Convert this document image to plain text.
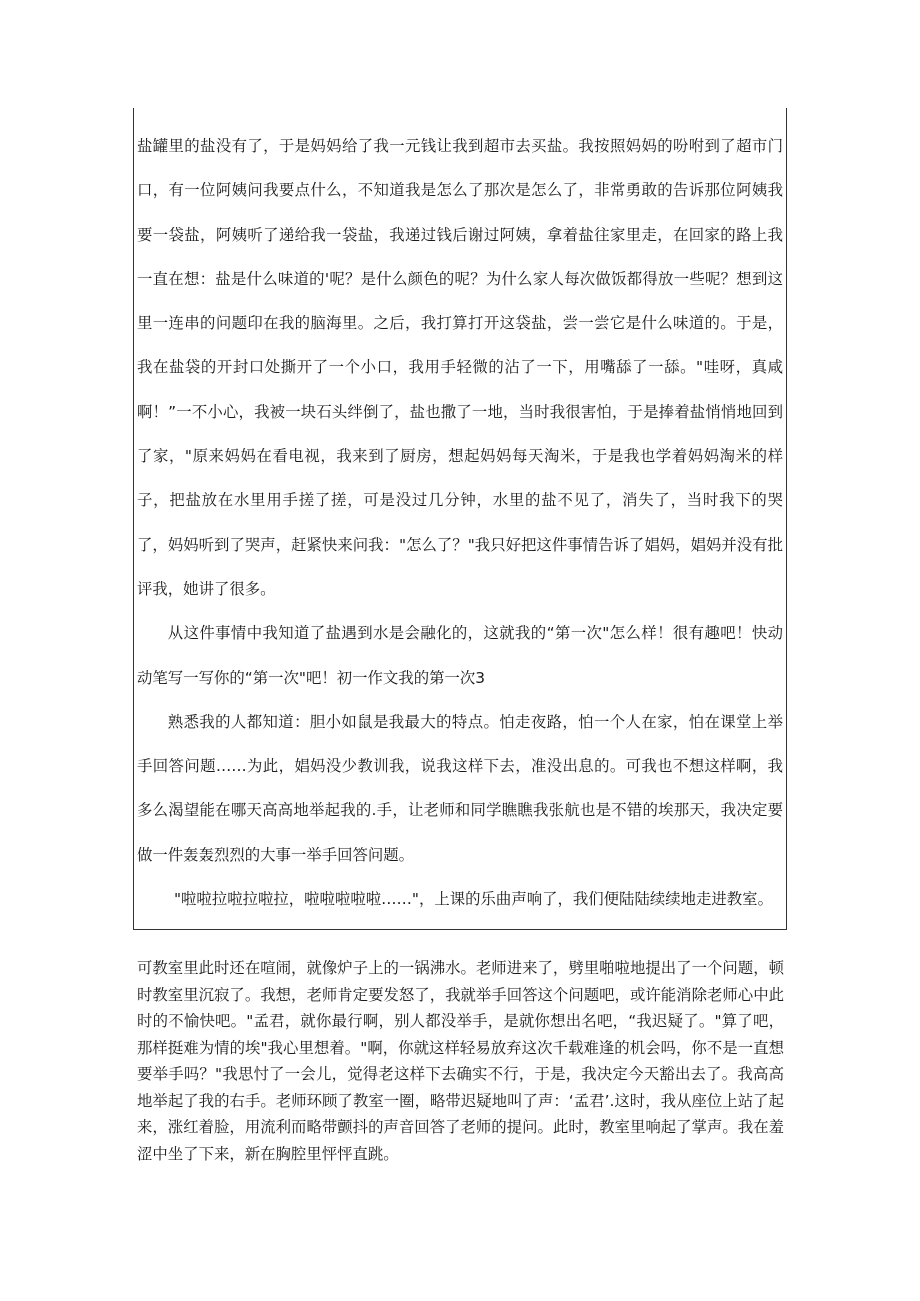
盐罐里的盐没有了，于是妈妈给了我一元钱让我到超市去买盐。我按照妈妈的吩咐到了超市门口，有一位阿姨问我要点什么，不知道我是怎么了那次是怎么了，非常勇敢的告诉那位阿姨我要一袋盐，阿姨听了递给我一袋盐，我递过钱后谢过阿姨，拿着盐往家里走，在回家的路上我一直在想：盐是什么味道的'呢？是什么颜色的呢？为什么家人每次做饭都得放一些呢？想到这里一连串的问题印在我的脑海里。之后，我打算打开这袋盐，尝一尝它是什么味道的。于是，我在盐袋的开封口处撕开了一个小口，我用手轻微的沾了一下，用嘴舔了一舔。"哇呀，真咸啊！”一不小心，我被一块石头绊倒了，盐也撒了一地，当时我很害怕，于是捧着盐悄悄地回到了家，"原来妈妈在看电视，我来到了厨房，想起妈妈每天淘米，于是我也学着妈妈淘米的样子，把盐放在水里用手搓了搓，可是没过几分钟，水里的盐不见了，消失了，当时我下的哭了，妈妈听到了哭声，赶紧快来问我："怎么了？"我只好把这件事情告诉了娼妈，娼妈并没有批评我，她讲了很多。

从这件事情中我知道了盐遇到水是会融化的，这就我的“第一次"怎么样！很有趣吧！快动动笔写一写你的“第一次"吧！初一作文我的第一次3

熟悉我的人都知道：胆小如鼠是我最大的特点。怕走夜路，怕一个人在家，怕在课堂上举手回答问题……为此，娼妈没少教训我，说我这样下去，准没出息的。可我也不想这样啊，我多么渴望能在哪天高高地举起我的.手，让老师和同学瞧瞧我张航也是不错的埃那天，我决定要做一件轰轰烈烈的大事一举手回答问题。

"啦啦拉啦拉啦拉，啦啦啦啦啦……"，上课的乐曲声响了，我们便陆陆续续地走进教室。

可教室里此时还在喧闹，就像炉子上的一锅沸水。老师进来了，劈里啪啦地提出了一个问题，顿时教室里沉寂了。我想，老师肯定要发怒了，我就举手回答这个问题吧，或许能消除老师心中此时的不愉快吧。"孟君，就你最行啊，别人都没举手，是就你想出名吧，“我迟疑了。"算了吧，那样挺难为情的埃"我心里想着。"啊，你就这样轻易放弃这次千载难逢的机会吗，你不是一直想要举手吗？"我思忖了一会儿，觉得老这样下去确实不行，于是，我决定今天豁出去了。我高高地举起了我的右手。老师环顾了教室一圈，略带迟疑地叫了声：‘孟君’.这时，我从座位上站了起来，涨红着脸，用流利而略带颤抖的声音回答了老师的提问。此时，教室里响起了掌声。我在羞涩中坐了下来，新在胸腔里怦怦直跳。
